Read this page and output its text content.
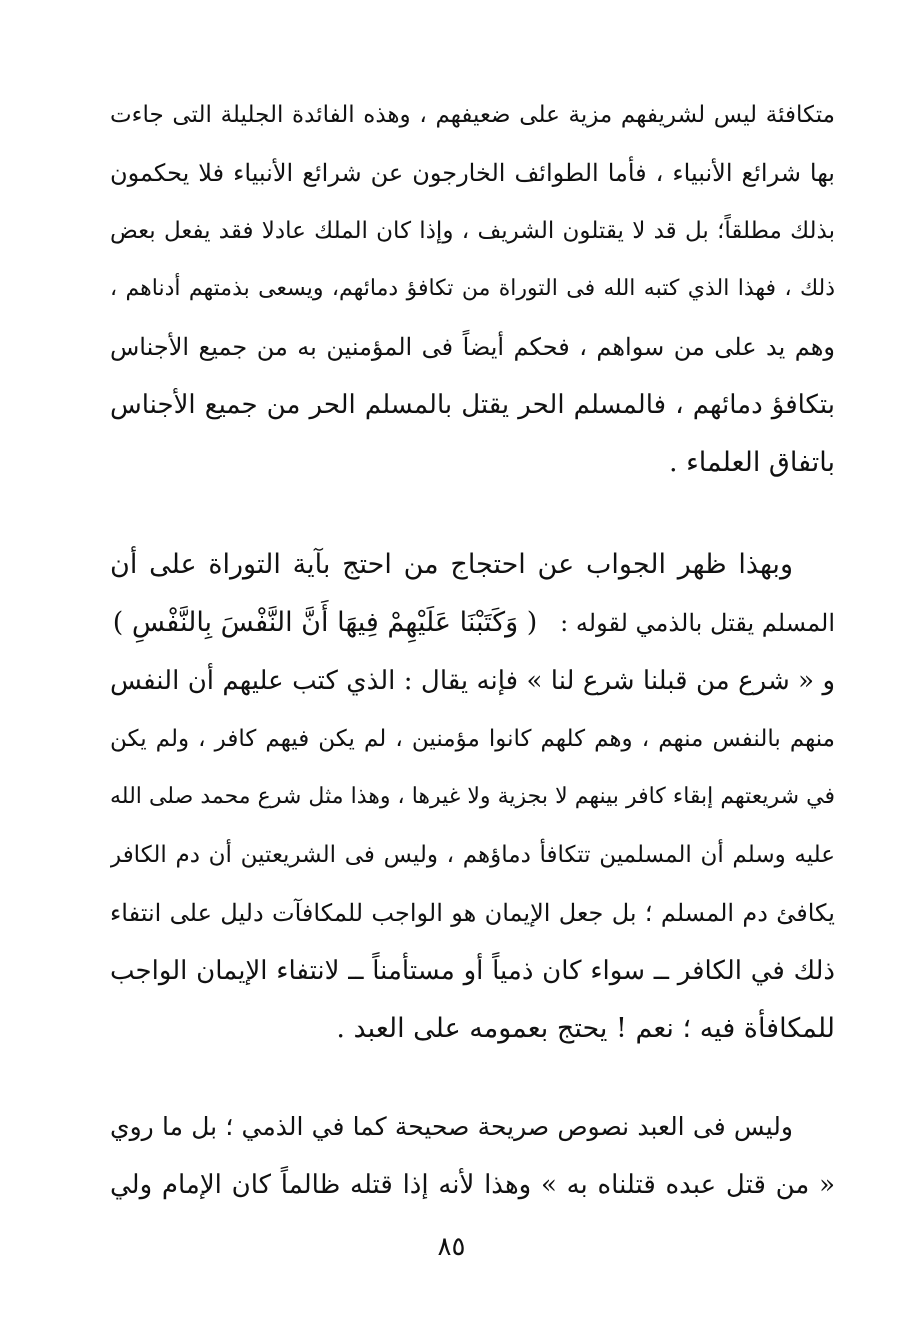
متكافئة ليس لشريفهم مزية على ضعيفهم ، وهذه الفائدة الجليلة التى جاءت
بها شرائع الأنبياء ، فأما الطوائف الخارجون عن شرائع الأنبياء فلا يحكمون
بذلك مطلقاً؛ بل قد لا يقتلون الشريف ، وإذا كان الملك عادلا فقد يفعل بعض
ذلك ، فهذا الذي كتبه الله فى التوراة من تكافؤ دمائهم، ويسعى بذمتهم أدناهم ،
وهم يد على من سواهم ، فحكم أيضاً فى المؤمنين به من جميع الأجناس
بتكافؤ دمائهم ، فالمسلم الحر يقتل بالمسلم الحر من جميع الأجناس
باتفاق العلماء .
وبهذا ظهر الجواب عن احتجاج من احتج بآية التوراة على أن
المسلم يقتل بالذمي لقوله :   ( وَكَتَبْنَا عَلَيْهِمْ فِيهَا أَنَّ النَّفْسَ بِالنَّفْسِ )
و « شرع من قبلنا شرع لنا » فإنه يقال : الذي كتب عليهم أن النفس
منهم بالنفس منهم ، وهم كلهم كانوا مؤمنين ، لم يكن فيهم كافر ، ولم يكن
في شريعتهم إبقاء كافر بينهم لا بجزية ولا غيرها ، وهذا مثل شرع محمد صلى الله
عليه وسلم أن المسلمين تتكافأ دماؤهم ، وليس فى الشريعتين أن دم الكافر
يكافئ دم المسلم ؛ بل جعل الإيمان هو الواجب للمكافآت دليل على انتفاء
ذلك في الكافر ــ سواء كان ذمياً أو مستأمناً ــ لانتفاء الإيمان الواجب
للمكافأة فيه ؛ نعم ! يحتج بعمومه على العبد .
وليس فى العبد نصوص صريحة صحيحة كما في الذمي ؛ بل ما روي
« من قتل عبده قتلناه به » وهذا لأنه إذا قتله ظالماً كان الإمام ولي
٨٥
